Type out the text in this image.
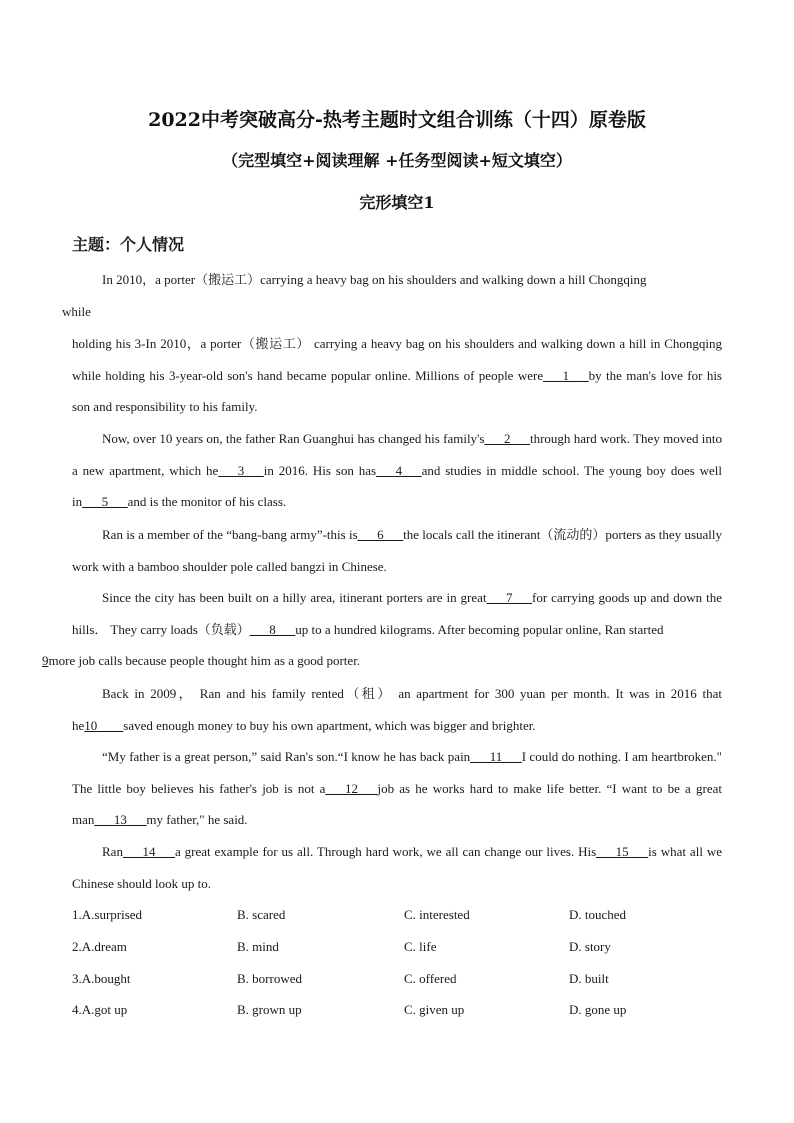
2022中考突破高分-热考主题时文组合训练（十四）原卷版
（完型填空+阅读理解 +任务型阅读+短文填空）
完形填空1
主题：个人情况

In 2010，a porter（搬运工）carrying a heavy bag on his shoulders and walking down a hill Chongqing
while

holding his 3-In 2010，a porter（搬运工） carrying a heavy bag on his shoulders and walking down a hill in Chongqing while holding his 3-year-old son's hand became popular online. Millions of people were___1___by the man's love for his son and responsibility to his family.

Now, over 10 years on, the father Ran Guanghui has changed his family's___2___through hard work. They moved into a new apartment, which he___3___in 2016. His son has___4___and studies in middle school. The young boy does well in___5___and is the monitor of his class.

Ran is a member of the “bang-bang army”-this is___6___the locals call the itinerant（流动的）porters as they usually work with a bamboo shoulder pole called bangzi in Chinese.

Since the city has been built on a hilly area, itinerant porters are in great___7___for carrying goods up and down the hills． They carry loads（负载）___8___up to a hundred kilograms. After becoming popular online, Ran started
9more job calls because people thought him as a good porter.

Back in 2009， Ran and his family rented（租） an apartment for 300 yuan per month. It was in 2016 that he10____saved enough money to buy his own apartment, which was bigger and brighter.

“My father is a great person,” said Ran's son.“I know he has back pain___11___I could do nothing. I am heartbroken." The little boy believes his father's job is not a___12___job as he works hard to make life better. “I want to be a great man___13___my father," he said.

Ran___14___a great example for us all. Through hard work, we all can change our lives. His___15___is what all we Chinese should look up to.

1.A.surprised	B. scared	C. interested	D. touched
2.A.dream	B. mind	C. life	D. story
3.A.bought	B. borrowed	C. offered	D. built
4.A.got up	B. grown up	C. given up	D. gone up
